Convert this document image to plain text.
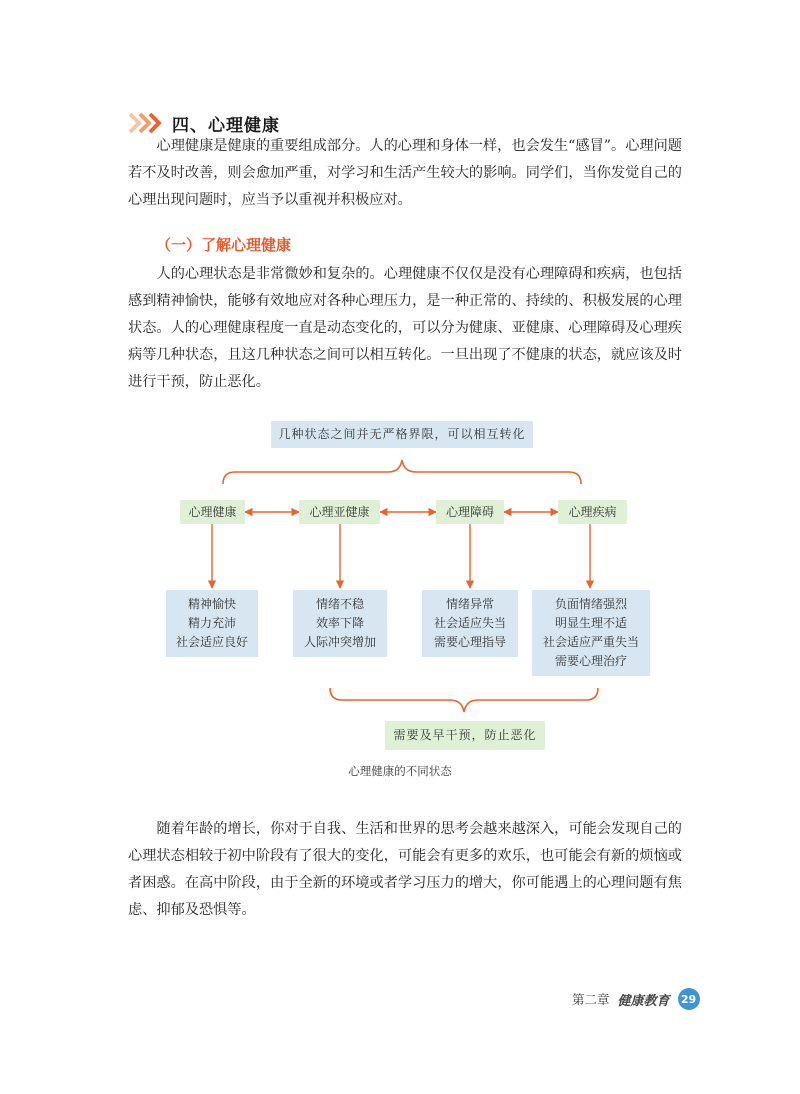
四、心理健康

心理健康是健康的重要组成部分。人的心理和身体一样，也会发生“感冒”。心理问题若不及时改善，则会愈加严重，对学习和生活产生较大的影响。同学们，当你发觉自己的心理出现问题时，应当予以重视并积极应对。

（一）了解心理健康

人的心理状态是非常微妙和复杂的。心理健康不仅仅是没有心理障碍和疾病，也包括感到精神愉快，能够有效地应对各种心理压力，是一种正常的、持续的、积极发展的心理状态。人的心理健康程度一直是动态变化的，可以分为健康、亚健康、心理障碍及心理疾病等几种状态，且这几种状态之间可以相互转化。一旦出现了不健康的状态，就应该及时进行干预，防止恶化。

几种状态之间并无严格界限，可以相互转化
心理健康	心理亚健康	心理障碍	心理疾病
精神愉快
精力充沛
社会适应良好
情绪不稳
效率下降
人际冲突增加
情绪异常
社会适应失当
需要心理指导
负面情绪强烈
明显生理不适
社会适应严重失当
需要心理治疗
需要及早干预，防止恶化

心理健康的不同状态

随着年龄的增长，你对于自我、生活和世界的思考会越来越深入，可能会发现自己的心理状态相较于初中阶段有了很大的变化，可能会有更多的欢乐，也可能会有新的烦恼或者困惑。在高中阶段，由于全新的环境或者学习压力的增大，你可能遇上的心理问题有焦虑、抑郁及恐惧等。

第二章 健康教育	29
